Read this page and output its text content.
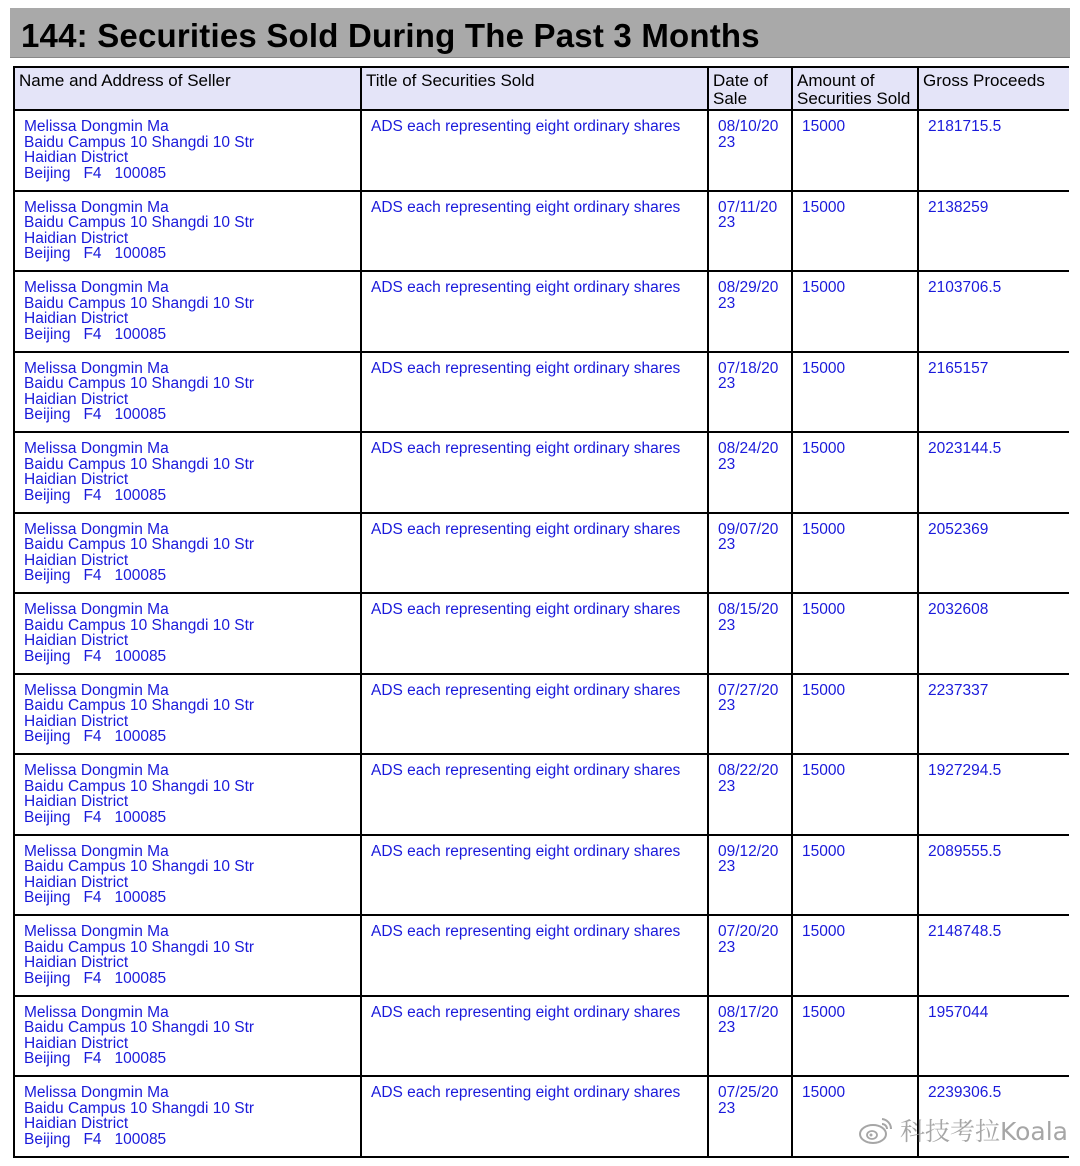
144: Securities Sold During The Past 3 Months
Name and Address of Seller	Title of Securities Sold	Date of Sale	Amount of Securities Sold	Gross Proceeds

Melissa Dongmin Ma
Baidu Campus 10 Shangdi 10 Str
Haidian District
Beijing   F4   100085	ADS each representing eight ordinary shares	08/10/2023	15000	2181715.5

Melissa Dongmin Ma
Baidu Campus 10 Shangdi 10 Str
Haidian District
Beijing   F4   100085	ADS each representing eight ordinary shares	07/11/2023	15000	2138259

Melissa Dongmin Ma
Baidu Campus 10 Shangdi 10 Str
Haidian District
Beijing   F4   100085	ADS each representing eight ordinary shares	08/29/2023	15000	2103706.5

Melissa Dongmin Ma
Baidu Campus 10 Shangdi 10 Str
Haidian District
Beijing   F4   100085	ADS each representing eight ordinary shares	07/18/2023	15000	2165157

Melissa Dongmin Ma
Baidu Campus 10 Shangdi 10 Str
Haidian District
Beijing   F4   100085	ADS each representing eight ordinary shares	08/24/2023	15000	2023144.5

Melissa Dongmin Ma
Baidu Campus 10 Shangdi 10 Str
Haidian District
Beijing   F4   100085	ADS each representing eight ordinary shares	09/07/2023	15000	2052369

Melissa Dongmin Ma
Baidu Campus 10 Shangdi 10 Str
Haidian District
Beijing   F4   100085	ADS each representing eight ordinary shares	08/15/2023	15000	2032608

Melissa Dongmin Ma
Baidu Campus 10 Shangdi 10 Str
Haidian District
Beijing   F4   100085	ADS each representing eight ordinary shares	07/27/2023	15000	2237337

Melissa Dongmin Ma
Baidu Campus 10 Shangdi 10 Str
Haidian District
Beijing   F4   100085	ADS each representing eight ordinary shares	08/22/2023	15000	1927294.5

Melissa Dongmin Ma
Baidu Campus 10 Shangdi 10 Str
Haidian District
Beijing   F4   100085	ADS each representing eight ordinary shares	09/12/2023	15000	2089555.5

Melissa Dongmin Ma
Baidu Campus 10 Shangdi 10 Str
Haidian District
Beijing   F4   100085	ADS each representing eight ordinary shares	07/20/2023	15000	2148748.5

Melissa Dongmin Ma
Baidu Campus 10 Shangdi 10 Str
Haidian District
Beijing   F4   100085	ADS each representing eight ordinary shares	08/17/2023	15000	1957044

Melissa Dongmin Ma
Baidu Campus 10 Shangdi 10 Str
Haidian District
Beijing   F4   100085	ADS each representing eight ordinary shares	07/25/2023	15000	2239306.5
科技考拉Koala
